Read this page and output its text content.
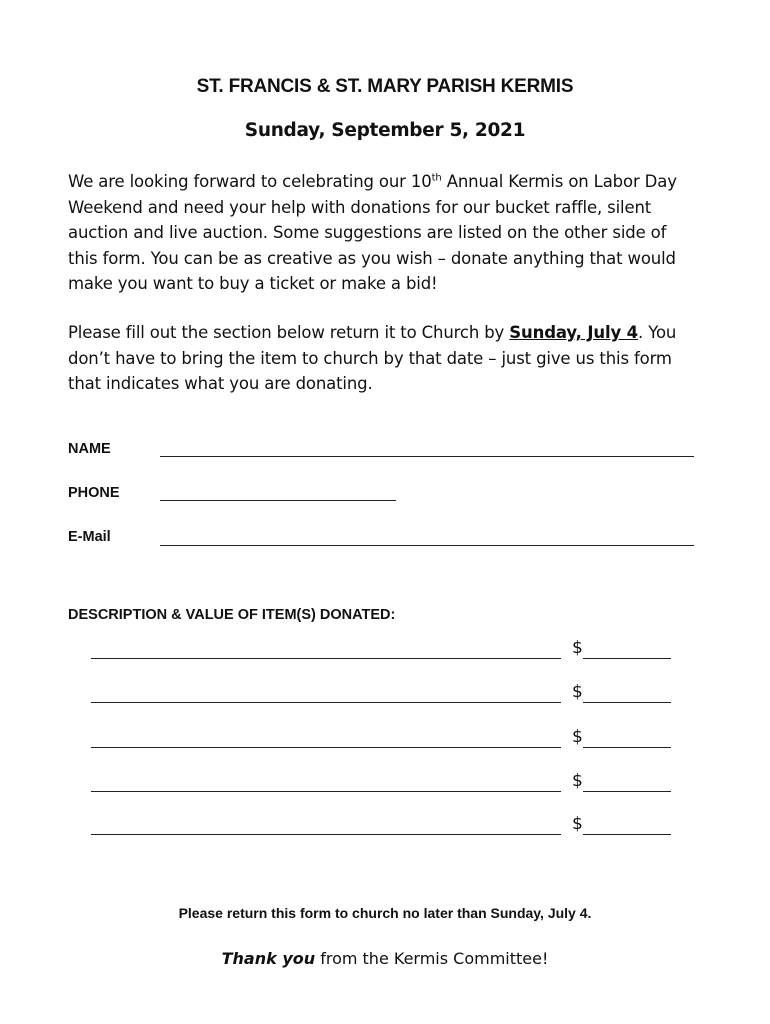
ST. FRANCIS & ST. MARY PARISH KERMIS
Sunday, September 5, 2021
We are looking forward to celebrating our 10th Annual Kermis on Labor Day
Weekend and need your help with donations for our bucket raffle, silent
auction and live auction. Some suggestions are listed on the other side of
this form. You can be as creative as you wish – donate anything that would
make you want to buy a ticket or make a bid!
Please fill out the section below return it to Church by Sunday, July 4. You
don’t have to bring the item to church by that date – just give us this form
that indicates what you are donating.
NAME
PHONE
E-Mail
DESCRIPTION & VALUE OF ITEM(S) DONATED:
$
$
$
$
$
Please return this form to church no later than Sunday, July 4.
Thank you from the Kermis Committee!
